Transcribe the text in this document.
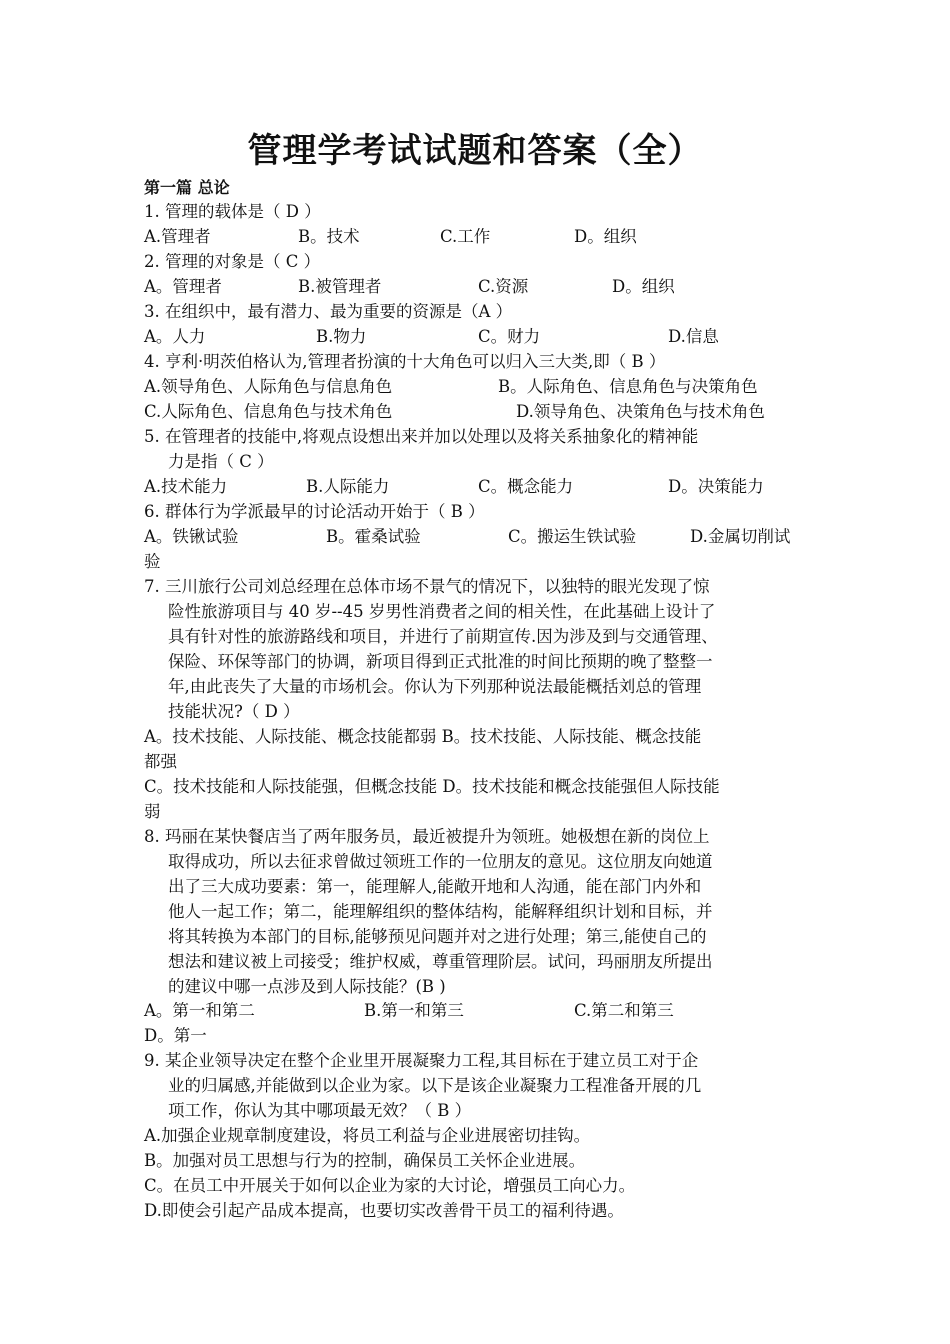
管理学考试试题和答案（全）
第一篇 总论
1. 管理的载体是（ D ）
A.管理者	B。技术	C.工作	D。组织
2. 管理的对象是（ C ）
A。管理者	B.被管理者	C.资源	D。组织
3. 在组织中，最有潜力、最为重要的资源是（A ）
A。人力	B.物力	C。财力	D.信息
4. 亨利·明茨伯格认为,管理者扮演的十大角色可以归入三大类,即（ B ）
A.领导角色、人际角色与信息角色	B。人际角色、信息角色与决策角色
C.人际角色、信息角色与技术角色	D.领导角色、决策角色与技术角色
5. 在管理者的技能中,将观点设想出来并加以处理以及将关系抽象化的精神能
力是指（ C ）
A.技术能力	B.人际能力	C。概念能力	D。决策能力
6. 群体行为学派最早的讨论活动开始于（ B ）
A。铁锹试验	B。霍桑试验	C。搬运生铁试验	D.金属切削试
验
7. 三川旅行公司刘总经理在总体市场不景气的情况下，以独特的眼光发现了惊
险性旅游项目与 40 岁--45 岁男性消费者之间的相关性，在此基础上设计了
具有针对性的旅游路线和项目，并进行了前期宣传.因为涉及到与交通管理、
保险、环保等部门的协调，新项目得到正式批准的时间比预期的晚了整整一
年,由此丧失了大量的市场机会。你认为下列那种说法最能概括刘总的管理
技能状况?（ D ）
A。技术技能、人际技能、概念技能都弱 B。技术技能、人际技能、概念技能
都强
C。技术技能和人际技能强，但概念技能 D。技术技能和概念技能强但人际技能
弱
8. 玛丽在某快餐店当了两年服务员，最近被提升为领班。她极想在新的岗位上
取得成功，所以去征求曾做过领班工作的一位朋友的意见。这位朋友向她道
出了三大成功要素：第一，能理解人,能敞开地和人沟通，能在部门内外和
他人一起工作；第二，能理解组织的整体结构，能解释组织计划和目标，并
将其转换为本部门的目标,能够预见问题并对之进行处理；第三,能使自己的
想法和建议被上司接受；维护权威，尊重管理阶层。试问，玛丽朋友所提出
的建议中哪一点涉及到人际技能？(B )
A。第一和第二	B.第一和第三	C.第二和第三
D。第一
9. 某企业领导决定在整个企业里开展凝聚力工程,其目标在于建立员工对于企
业的归属感,并能做到以企业为家。以下是该企业凝聚力工程准备开展的几
项工作，你认为其中哪项最无效？（ B ）
A.加强企业规章制度建设，将员工利益与企业进展密切挂钩。
B。加强对员工思想与行为的控制，确保员工关怀企业进展。
C。在员工中开展关于如何以企业为家的大讨论，增强员工向心力。
D.即使会引起产品成本提高，也要切实改善骨干员工的福利待遇。
